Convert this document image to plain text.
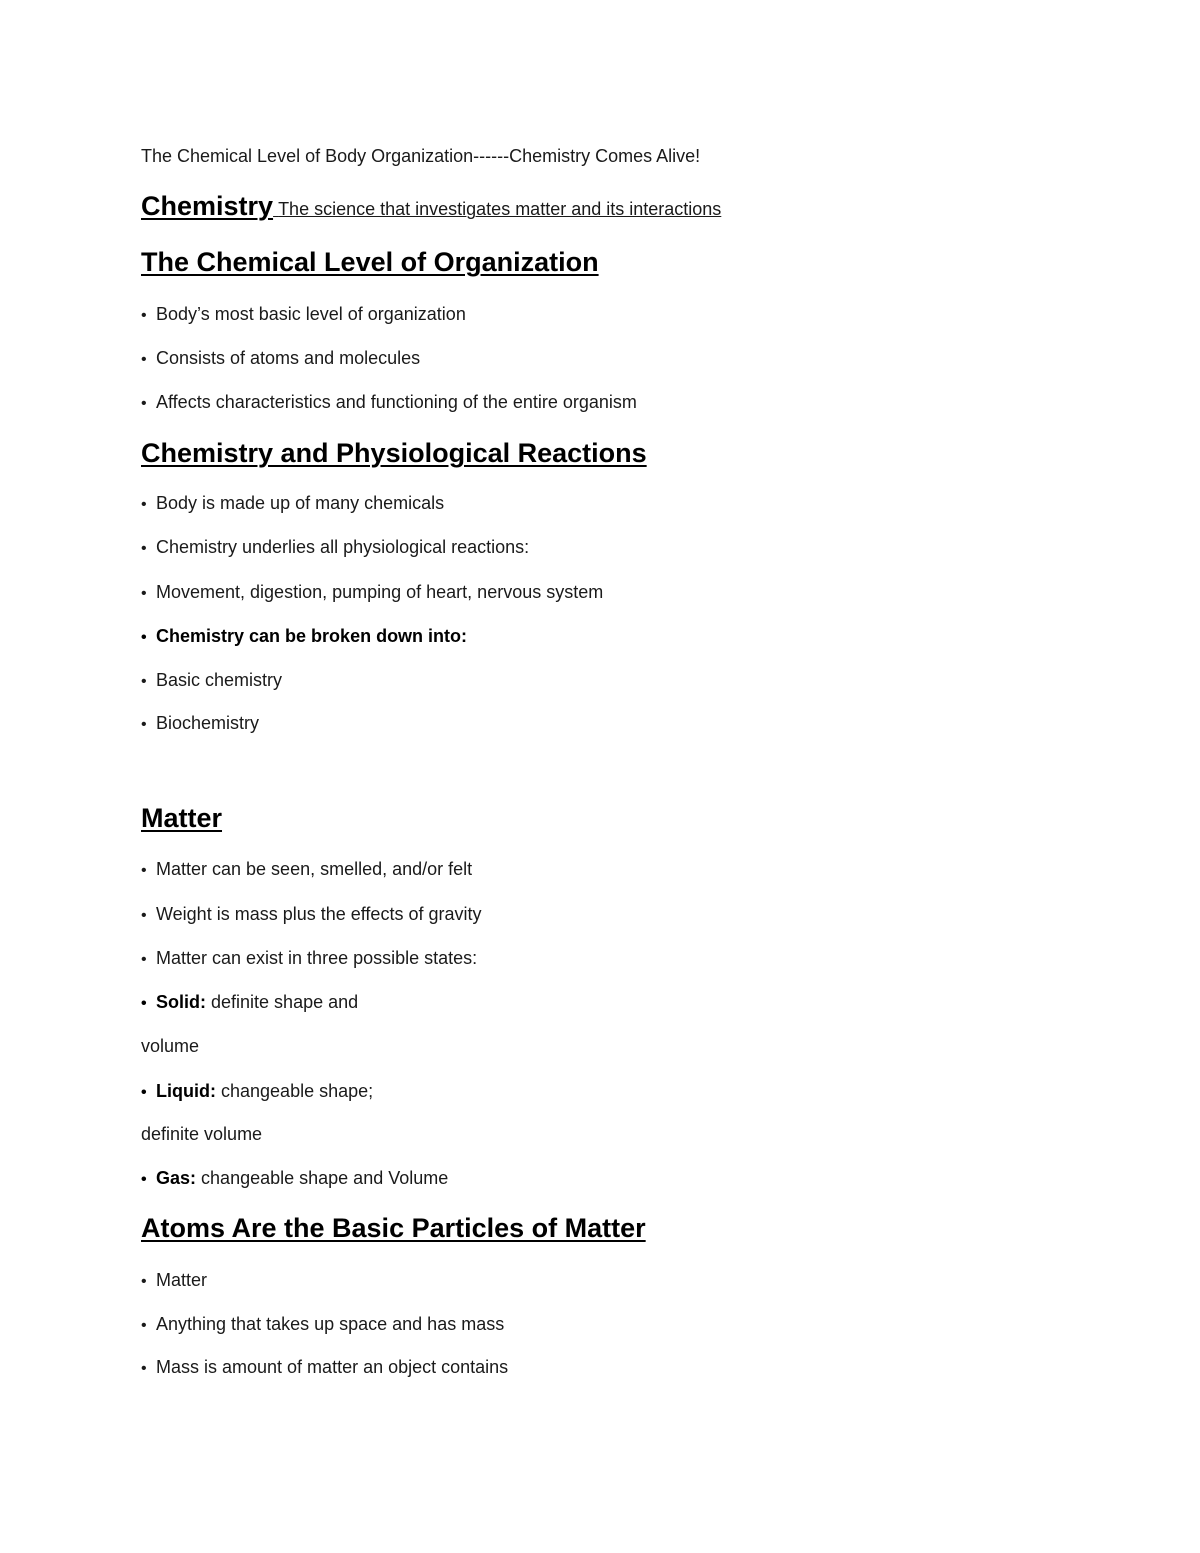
The Chemical Level of Body Organization------Chemistry Comes Alive!
Chemistry The science that investigates matter and its interactions
The Chemical Level of Organization
• Body’s most basic level of organization
• Consists of atoms and molecules
• Affects characteristics and functioning of the entire organism
Chemistry and Physiological Reactions
• Body is made up of many chemicals
• Chemistry underlies all physiological reactions:
• Movement, digestion, pumping of heart, nervous system
• Chemistry can be broken down into:
• Basic chemistry
• Biochemistry
Matter
• Matter can be seen, smelled, and/or felt
• Weight is mass plus the effects of gravity
• Matter can exist in three possible states:
• Solid: definite shape and
volume
• Liquid: changeable shape;
definite volume
• Gas: changeable shape and Volume
Atoms Are the Basic Particles of Matter
• Matter
• Anything that takes up space and has mass
• Mass is amount of matter an object contains
